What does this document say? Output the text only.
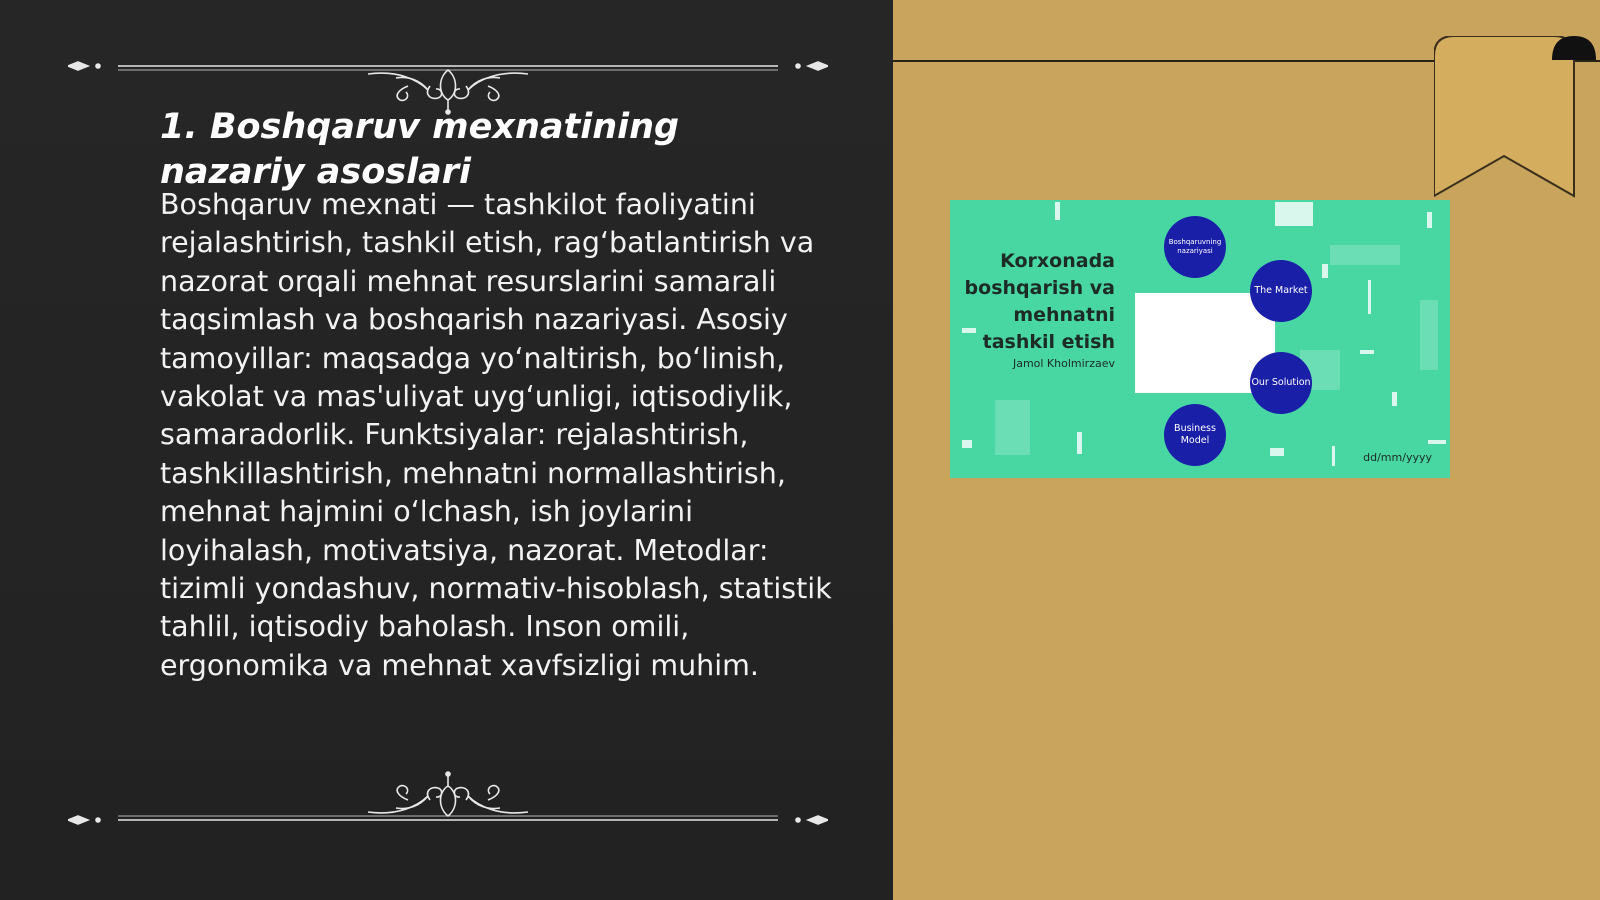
1. Boshqaruv mexnatining nazariy asoslari

Boshqaruv mexnati — tashkilot faoliyatini rejalashtirish, tashkil etish, rag‘batlantirish va nazorat orqali mehnat resurslarini samarali taqsimlash va boshqarish nazariyasi. Asosiy tamoyillar: maqsadga yo‘naltirish, bo‘linish, vakolat va mas'uliyat uyg‘unligi, iqtisodiylik, samaradorlik. Funktsiyalar: rejalashtirish, tashkillashtirish, mehnatni normallashtirish, mehnat hajmini o‘lchash, ish joylarini loyihalash, motivatsiya, nazorat. Metodlar: tizimli yondashuv, normativ-hisoblash, statistik tahlil, iqtisodiy baholash. Inson omili, ergonomika va mehnat xavfsizligi muhim.

Korxonada boshqarish va mehnatni tashkil etish
Jamol Kholmirzaev
Boshqaruvning nazariyasi
The Market
Our Solution
Business Model
dd/mm/yyyy
